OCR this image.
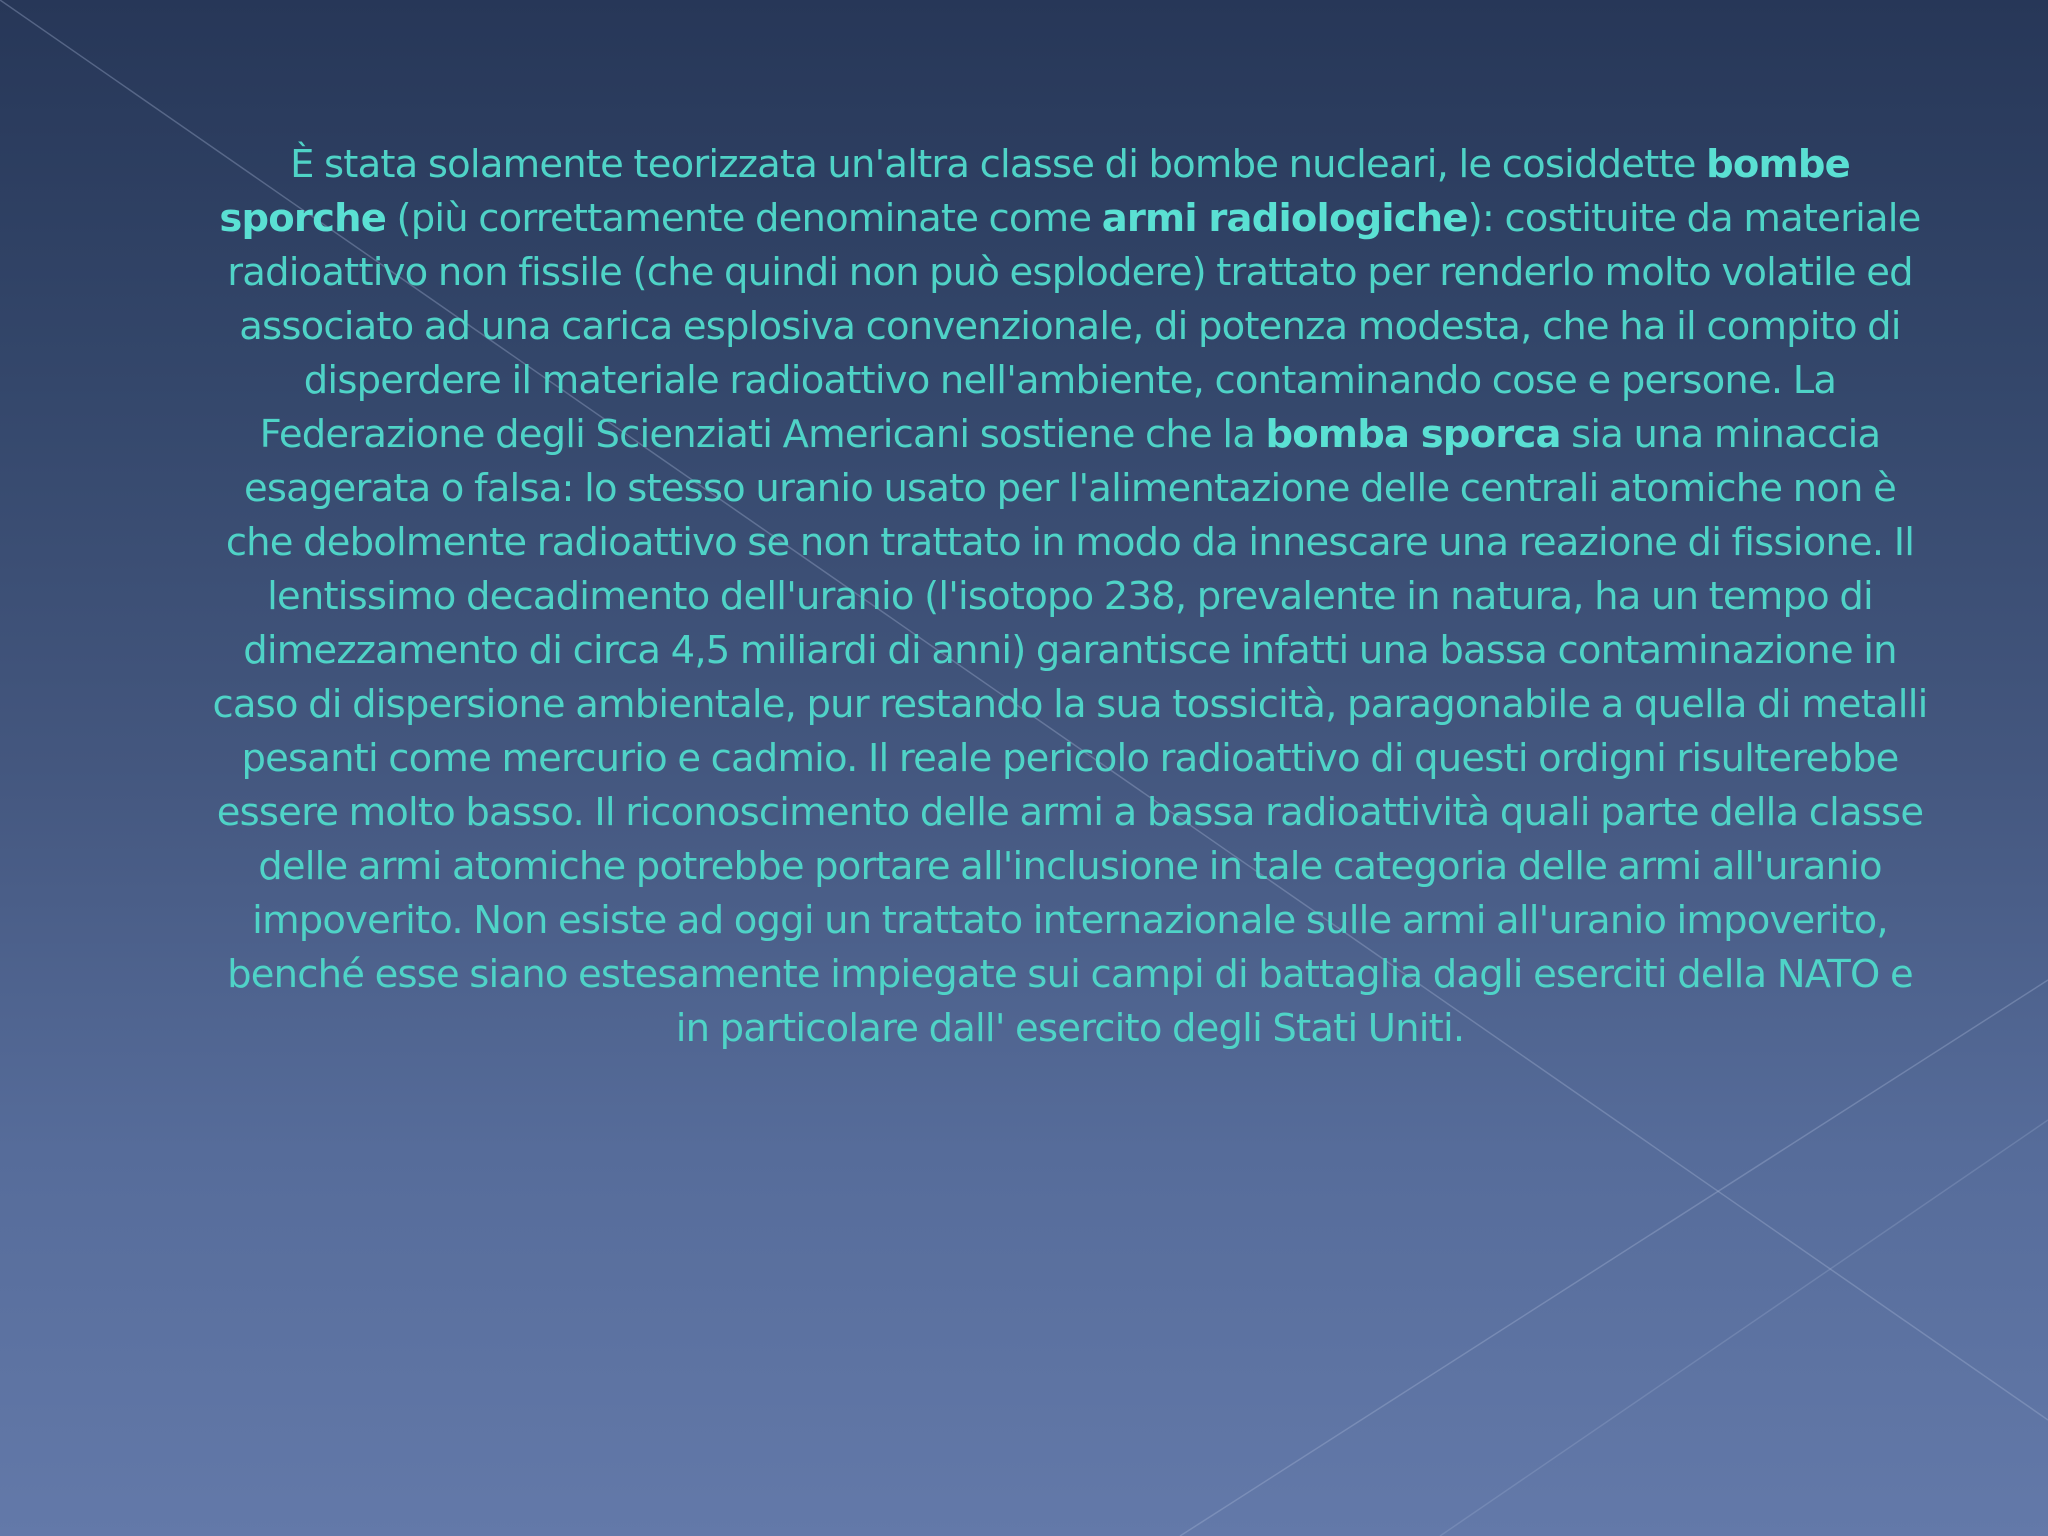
È stata solamente teorizzata un'altra classe di bombe nucleari, le cosiddette bombe sporche (più correttamente denominate come armi radiologiche): costituite da materiale radioattivo non fissile (che quindi non può esplodere) trattato per renderlo molto volatile ed associato ad una carica esplosiva convenzionale, di potenza modesta, che ha il compito di disperdere il materiale radioattivo nell'ambiente, contaminando cose e persone. La Federazione degli Scienziati Americani sostiene che la bomba sporca sia una minaccia esagerata o falsa: lo stesso uranio usato per l'alimentazione delle centrali atomiche non è che debolmente radioattivo se non trattato in modo da innescare una reazione di fissione. Il lentissimo decadimento dell'uranio (l'isotopo 238, prevalente in natura, ha un tempo di dimezzamento di circa 4,5 miliardi di anni) garantisce infatti una bassa contaminazione in caso di dispersione ambientale, pur restando la sua tossicità, paragonabile a quella di metalli pesanti come mercurio e cadmio. Il reale pericolo radioattivo di questi ordigni risulterebbe essere molto basso. Il riconoscimento delle armi a bassa radioattività quali parte della classe delle armi atomiche potrebbe portare all'inclusione in tale categoria delle armi all'uranio impoverito. Non esiste ad oggi un trattato internazionale sulle armi all'uranio impoverito, benché esse siano estesamente impiegate sui campi di battaglia dagli eserciti della NATO e in particolare dall' esercito degli Stati Uniti.
